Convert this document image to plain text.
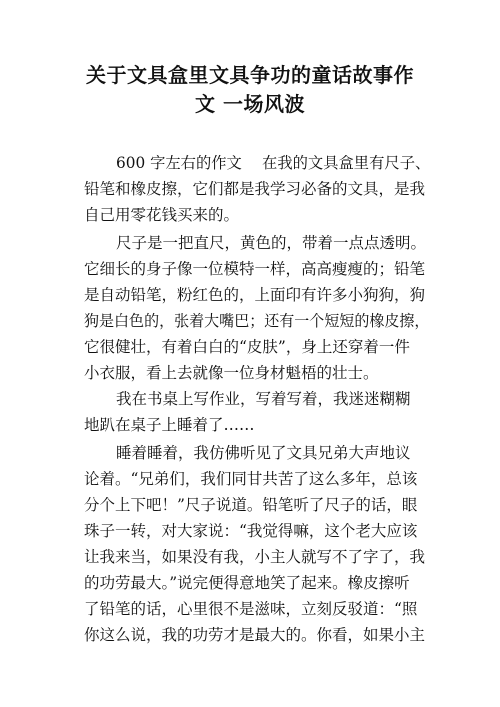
关于文具盒里文具争功的童话故事作
文 一场风波
600 字左右的作文　 在我的文具盒里有尺子、
铅笔和橡皮擦，它们都是我学习必备的文具，是我
自己用零花钱买来的。
尺子是一把直尺，黄色的，带着一点点透明。
它细长的身子像一位模特一样，高高瘦瘦的；铅笔
是自动铅笔，粉红色的，上面印有许多小狗狗，狗
狗是白色的，张着大嘴巴；还有一个短短的橡皮擦，
它很健壮，有着白白的“皮肤”，身上还穿着一件
小衣服，看上去就像一位身材魁梧的壮士。
我在书桌上写作业，写着写着，我迷迷糊糊
地趴在桌子上睡着了……
睡着睡着，我仿佛听见了文具兄弟大声地议
论着。“兄弟们，我们同甘共苦了这么多年，总该
分个上下吧！”尺子说道。铅笔听了尺子的话，眼
珠子一转，对大家说：“我觉得嘛，这个老大应该
让我来当，如果没有我，小主人就写不了字了，我
的功劳最大。”说完便得意地笑了起来。橡皮擦听
了铅笔的话，心里很不是滋味，立刻反驳道：“照
你这么说，我的功劳才是最大的。你看，如果小主
